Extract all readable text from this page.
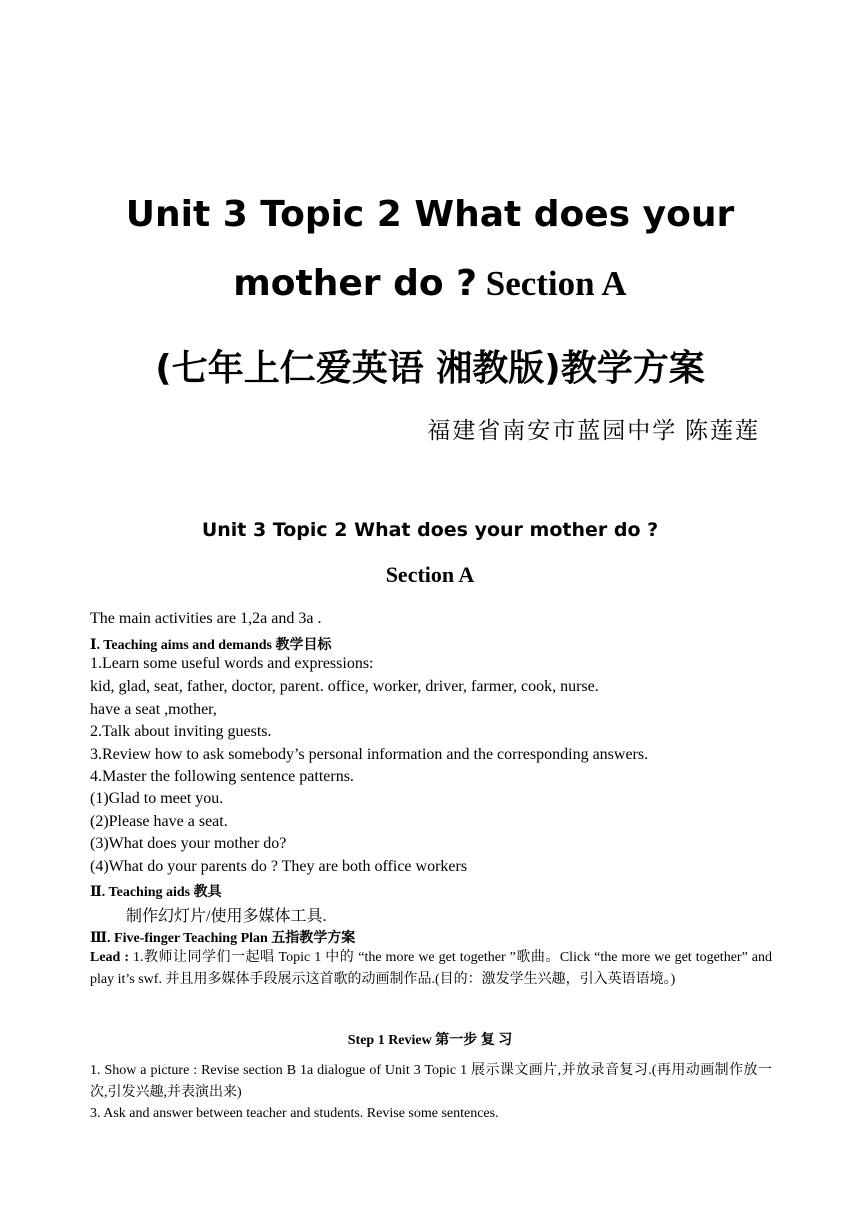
Unit 3 Topic 2 What does your
mother do ? Section A
(七年上仁爱英语 湘教版)教学方案
福建省南安市蓝园中学 陈莲莲
Unit 3 Topic 2 What does your mother do ?
Section A
The main activities are 1,2a and 3a .
Ⅰ. Teaching aims and demands 教学目标
1.Learn some useful words and expressions:
kid, glad, seat, father, doctor, parent. office, worker, driver, farmer, cook, nurse.
have a seat ,mother,
2.Talk about inviting guests.
3.Review how to ask somebody’s personal information and the corresponding answers.
4.Master the following sentence patterns.
(1)Glad to meet you.
(2)Please have a seat.
(3)What does your mother do?
(4)What do your parents do ? They are both office workers
Ⅱ. Teaching aids 教具
制作幻灯片/使用多媒体工具.
Ⅲ. Five-finger Teaching Plan 五指教学方案
Lead : 1.教师让同学们一起唱 Topic 1 中的 “the more we get together ”歌曲。Click “the more we get together” and play it’s swf. 并且用多媒体手段展示这首歌的动画制作品.(目的：激发学生兴趣，引入英语语境。)
Step 1 Review 第一步 复 习
1. Show a picture : Revise section B 1a dialogue of Unit 3 Topic 1 展示课文画片,并放录音复习.(再用动画制作放一次,引发兴趣,并表演出来)
3. Ask and answer between teacher and students. Revise some sentences.
